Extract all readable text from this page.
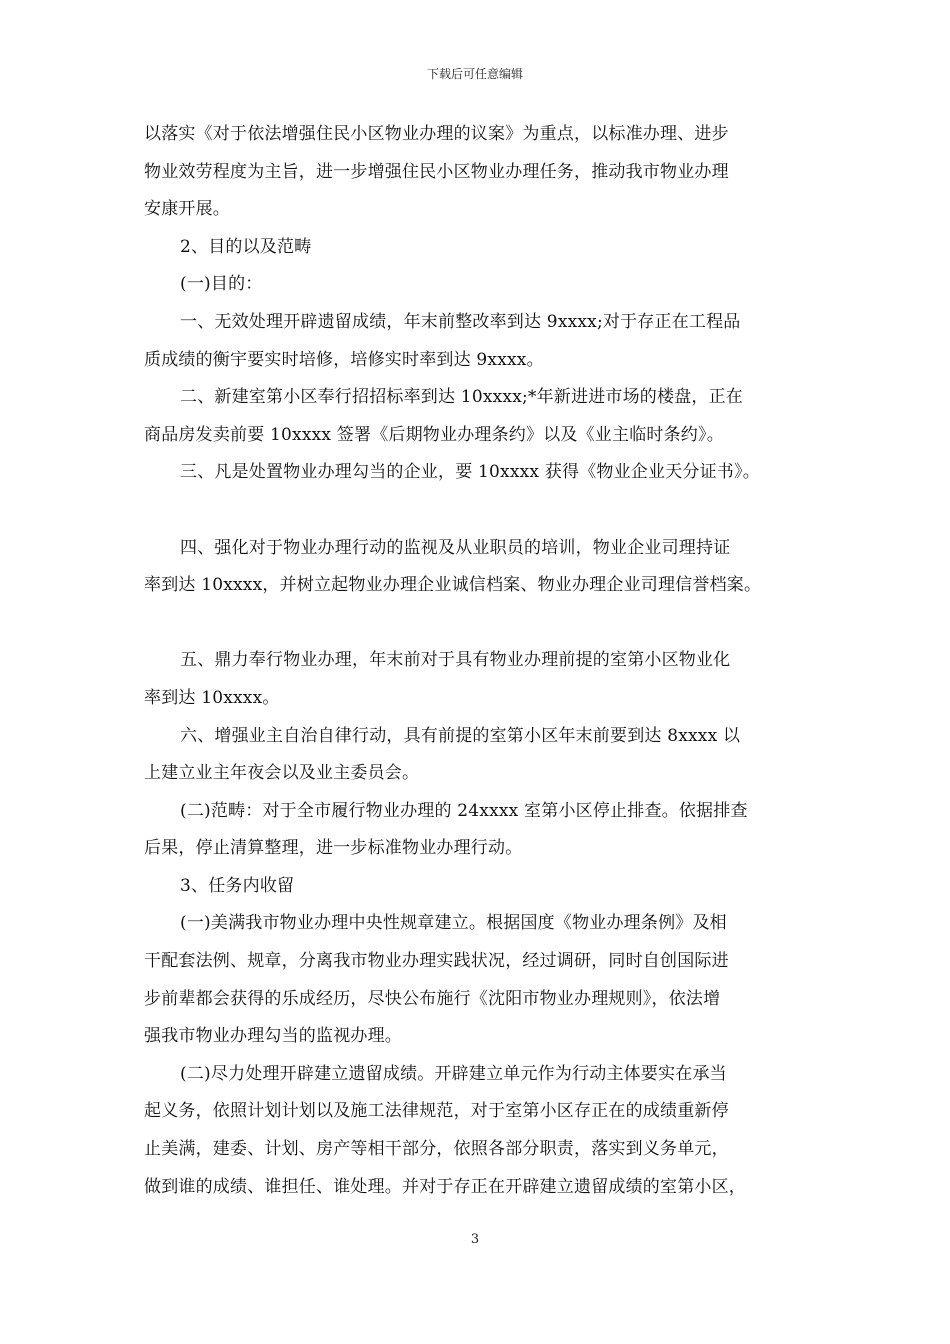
下载后可任意编辑
以落实《对于依法增强住民小区物业办理的议案》为重点，以标准办理、进步
物业效劳程度为主旨，进一步增强住民小区物业办理任务，推动我市物业办理
安康开展。
2、目的以及范畴
(一)目的：
一、无效处理开辟遗留成绩，年末前整改率到达 9xxxx;对于存正在工程品
质成绩的衡宇要实时培修，培修实时率到达 9xxxx。
二、新建室第小区奉行招招标率到达 10xxxx;*年新进进市场的楼盘，正在
商品房发卖前要 10xxxx 签署《后期物业办理条约》以及《业主临时条约》。
三、凡是处置物业办理勾当的企业，要 10xxxx 获得《物业企业天分证书》。
四、强化对于物业办理行动的监视及从业职员的培训，物业企业司理持证
率到达 10xxxx，并树立起物业办理企业诚信档案、物业办理企业司理信誉档案。
五、鼎力奉行物业办理，年末前对于具有物业办理前提的室第小区物业化
率到达 10xxxx。
六、增强业主自治自律行动，具有前提的室第小区年末前要到达 8xxxx 以
上建立业主年夜会以及业主委员会。
(二)范畴：对于全市履行物业办理的 24xxxx 室第小区停止排查。依据排查
后果，停止清算整理，进一步标准物业办理行动。
3、任务内收留
(一)美满我市物业办理中央性规章建立。根据国度《物业办理条例》及相
干配套法例、规章，分离我市物业办理实践状况，经过调研，同时自创国际进
步前辈都会获得的乐成经历，尽快公布施行《沈阳市物业办理规则》，依法增
强我市物业办理勾当的监视办理。
(二)尽力处理开辟建立遗留成绩。开辟建立单元作为行动主体要实在承当
起义务，依照计划计划以及施工法律规范，对于室第小区存正在的成绩重新停
止美满，建委、计划、房产等相干部分，依照各部分职责，落实到义务单元，
做到谁的成绩、谁担任、谁处理。并对于存正在开辟建立遗留成绩的室第小区，
3
